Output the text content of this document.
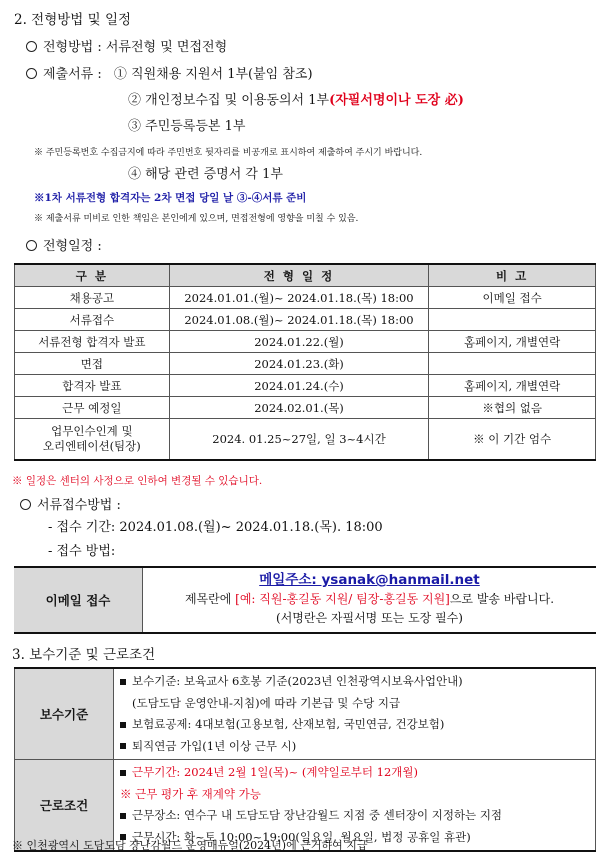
2. 전형방법 및 일정
전형방법 : 서류전형 및 면접전형
제출서류 : ① 직원채용 지원서 1부(붙임 참조)
② 개인정보수집 및 이용동의서 1부(자필서명이나 도장 必)
③ 주민등록등본 1부
※ 주민등록번호 수집금지에 따라 주민번호 뒷자리를 비공개로 표시하여 제출하여 주시기 바랍니다.
④ 해당 관련 증명서 각 1부
※1차 서류전형 합격자는 2차 면접 당일 날 ③-④서류 준비
※ 제출서류 미비로 인한 책임은 본인에게 있으며, 면접전형에 영향을 미칠 수 있음.
전형일정 :
구 분	전 형 일 정	비 고
채용공고	2024.01.01.(월)~ 2024.01.18.(목) 18:00	이메일 접수
서류접수	2024.01.08.(월)~ 2024.01.18.(목) 18:00	
서류전형 합격자 발표	2024.01.22.(월)	홈페이지, 개별연락
면접	2024.01.23.(화)	
합격자 발표	2024.01.24.(수)	홈페이지, 개별연락
근무 예정일	2024.02.01.(목)	※협의 없음

업무인수인계 및
오리엔테이션(팀장)	2024. 01.25~27일, 일 3~4시간	※ 이 기간 엄수
※ 일정은 센터의 사정으로 인하여 변경될 수 있습니다.
서류접수방법 :
- 접수 기간: 2024.01.08.(월)~ 2024.01.18.(목). 18:00
- 접수 방법:
이메일 접수
메일주소: ysanak@hanmail.net
제목란에 [예: 직원-홍길동 지원/ 팀장-홍길동 지원]으로 발송 바랍니다.
(서명란은 자필서명 또는 도장 필수)
3. 보수기준 및 근로조건
보수기준	보수기준: 보육교사 6호봉 기준(2023년 인천광역시보육사업안내)
(도담도담 운영안내-지침)에 따라 기본급 및 수당 지급
보험료공제: 4대보험(고용보험, 산재보험, 국민연금, 건강보험)
퇴직연금 가입(1년 이상 근무 시)

근로조건	근무기간: 2024년 2월 1일(목)~ (계약일로부터 12개월)
※ 근무 평가 후 재계약 가능
근무장소: 연수구 내 도담도담 장난감월드 지점 중 센터장이 지정하는 지점
근무시간: 화~토 10:00~19:00(일요일, 월요일, 법정 공휴일 휴관)
※ 인천광역시 도담도담 장난감월드 운영매뉴얼(2024년)에 근거하여 지급
